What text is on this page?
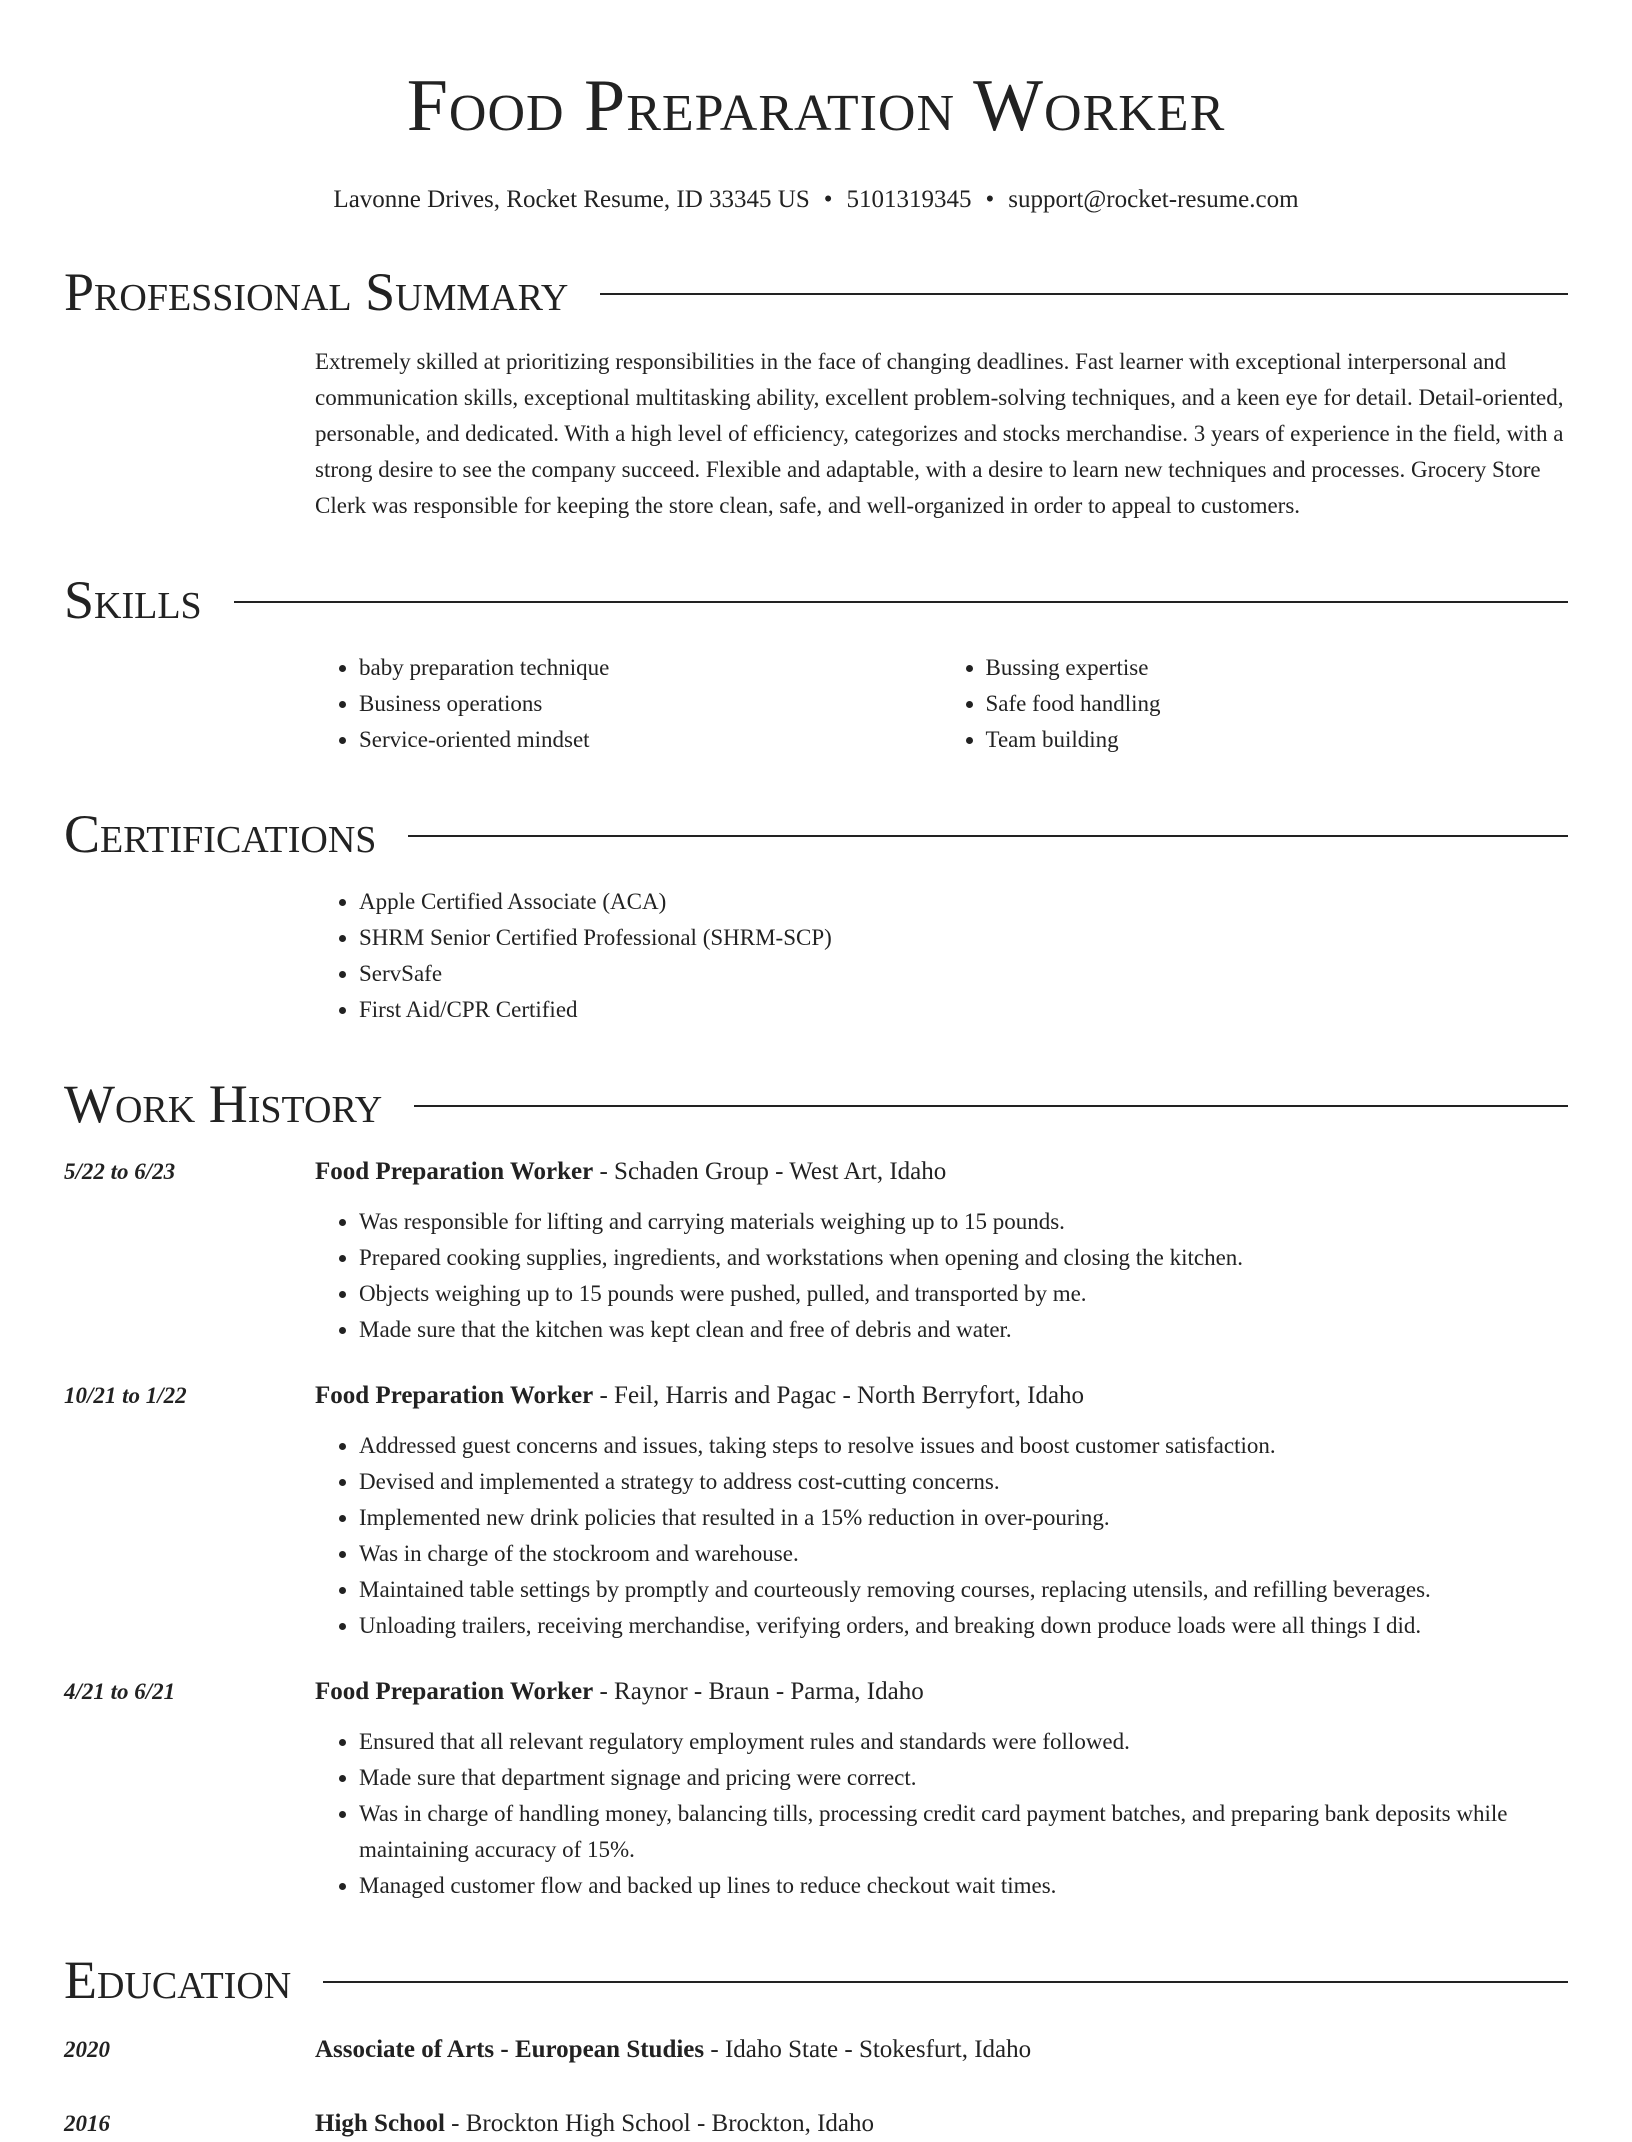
Food Preparation Worker
Lavonne Drives, Rocket Resume, ID 33345 US • 5101319345 • support@rocket-resume.com
Professional Summary
Extremely skilled at prioritizing responsibilities in the face of changing deadlines. Fast learner with exceptional interpersonal and communication skills, exceptional multitasking ability, excellent problem-solving techniques, and a keen eye for detail. Detail-oriented, personable, and dedicated. With a high level of efficiency, categorizes and stocks merchandise. 3 years of experience in the field, with a strong desire to see the company succeed. Flexible and adaptable, with a desire to learn new techniques and processes. Grocery Store Clerk was responsible for keeping the store clean, safe, and well-organized in order to appeal to customers.
Skills
• baby preparation technique
• Business operations
• Service-oriented mindset
• Bussing expertise
• Safe food handling
• Team building
Certifications
• Apple Certified Associate (ACA)
• SHRM Senior Certified Professional (SHRM-SCP)
• ServSafe
• First Aid/CPR Certified
Work History
5/22 to 6/23	Food Preparation Worker - Schaden Group - West Art, Idaho
• Was responsible for lifting and carrying materials weighing up to 15 pounds.
• Prepared cooking supplies, ingredients, and workstations when opening and closing the kitchen.
• Objects weighing up to 15 pounds were pushed, pulled, and transported by me.
• Made sure that the kitchen was kept clean and free of debris and water.
10/21 to 1/22	Food Preparation Worker - Feil, Harris and Pagac - North Berryfort, Idaho
• Addressed guest concerns and issues, taking steps to resolve issues and boost customer satisfaction.
• Devised and implemented a strategy to address cost-cutting concerns.
• Implemented new drink policies that resulted in a 15% reduction in over-pouring.
• Was in charge of the stockroom and warehouse.
• Maintained table settings by promptly and courteously removing courses, replacing utensils, and refilling beverages.
• Unloading trailers, receiving merchandise, verifying orders, and breaking down produce loads were all things I did.
4/21 to 6/21	Food Preparation Worker - Raynor - Braun - Parma, Idaho
• Ensured that all relevant regulatory employment rules and standards were followed.
• Made sure that department signage and pricing were correct.
• Was in charge of handling money, balancing tills, processing credit card payment batches, and preparing bank deposits while maintaining accuracy of 15%.
• Managed customer flow and backed up lines to reduce checkout wait times.
Education
2020	Associate of Arts - European Studies - Idaho State - Stokesfurt, Idaho
2016	High School - Brockton High School - Brockton, Idaho
